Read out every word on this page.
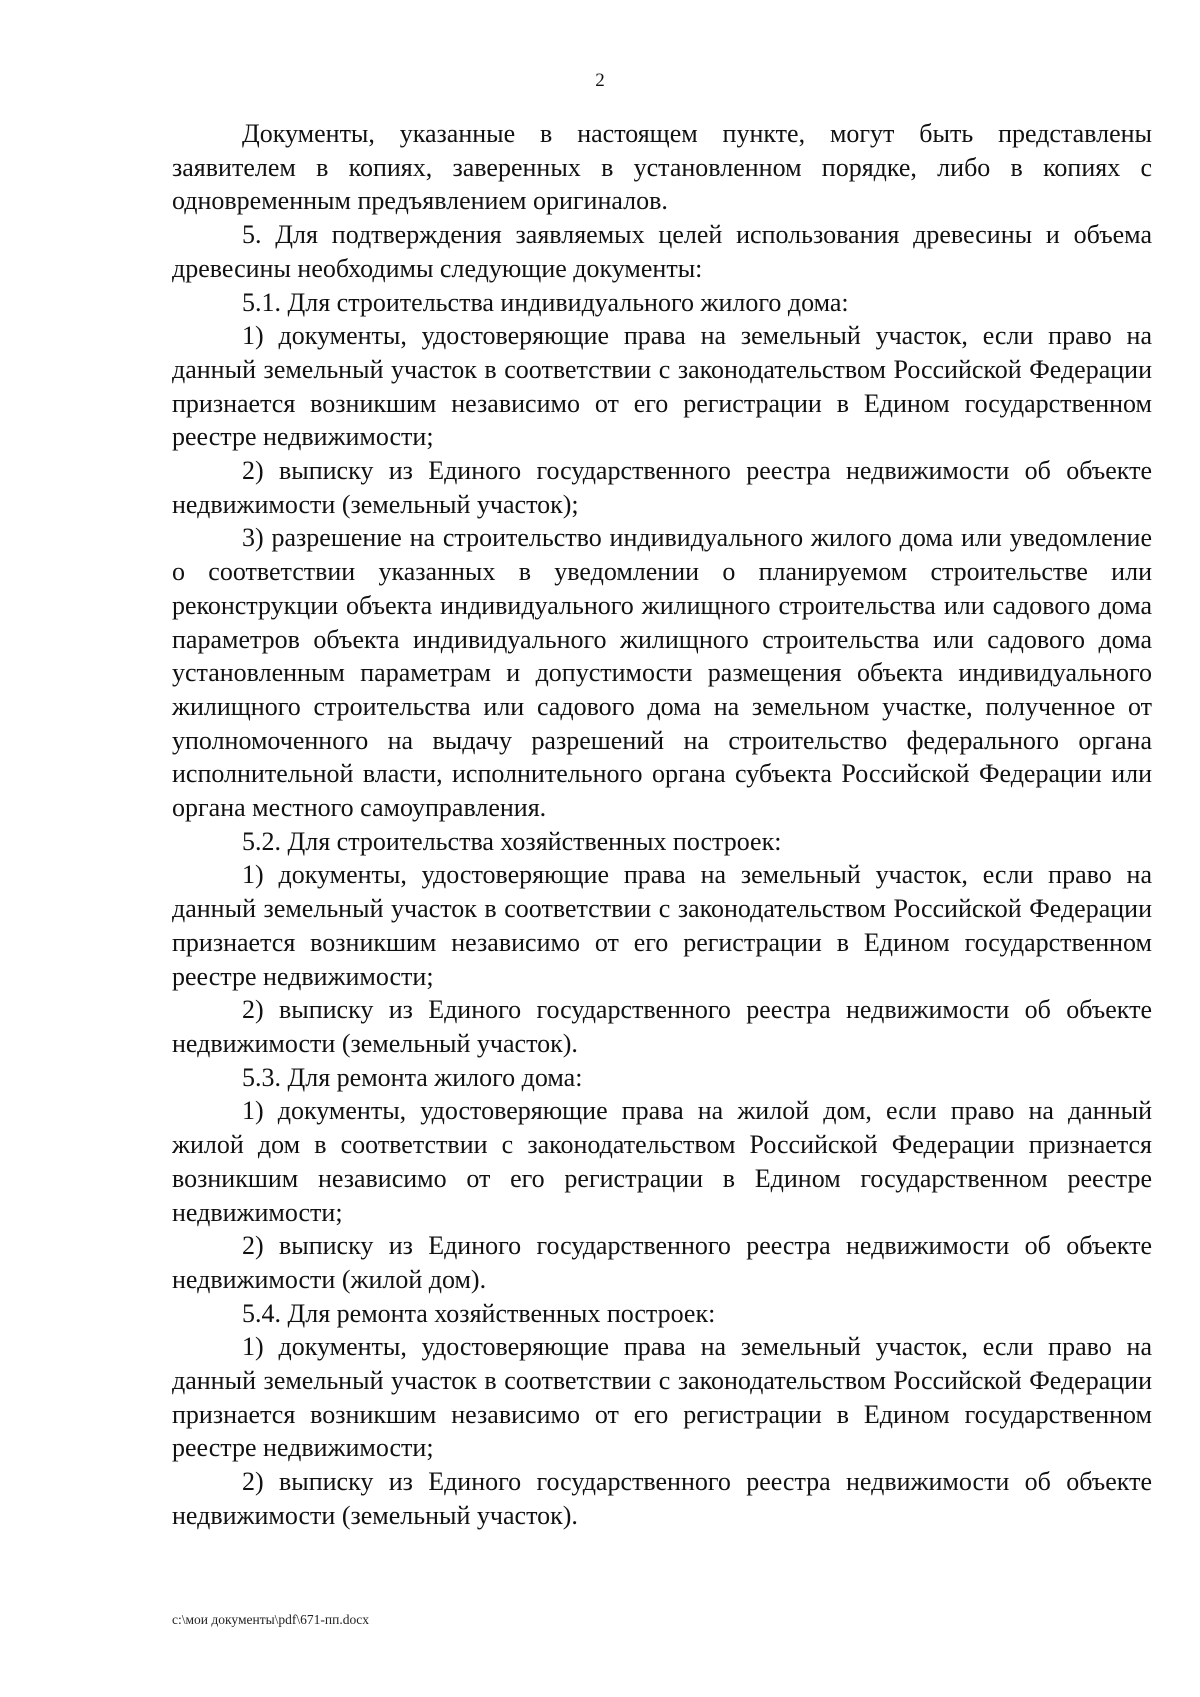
2

Документы, указанные в настоящем пункте, могут быть представлены заявителем в копиях, заверенных в установленном порядке, либо в копиях с одновременным предъявлением оригиналов.

5. Для подтверждения заявляемых целей использования древесины и объема древесины необходимы следующие документы:

5.1. Для строительства индивидуального жилого дома:

1) документы, удостоверяющие права на земельный участок, если право на данный земельный участок в соответствии с законодательством Российской Федерации признается возникшим независимо от его регистрации в Едином государственном реестре недвижимости;

2) выписку из Единого государственного реестра недвижимости об объекте недвижимости (земельный участок);

3) разрешение на строительство индивидуального жилого дома или уведомление о соответствии указанных в уведомлении о планируемом строительстве или реконструкции объекта индивидуального жилищного строительства или садового дома параметров объекта индивидуального жилищного строительства или садового дома установленным параметрам и допустимости размещения объекта индивидуального жилищного строительства или садового дома на земельном участке, полученное от уполномоченного на выдачу разрешений на строительство федерального органа исполнительной власти, исполнительного органа субъекта Российской Федерации или органа местного самоуправления.

5.2. Для строительства хозяйственных построек:

1) документы, удостоверяющие права на земельный участок, если право на данный земельный участок в соответствии с законодательством Российской Федерации признается возникшим независимо от его регистрации в Едином государственном реестре недвижимости;

2) выписку из Единого государственного реестра недвижимости об объекте недвижимости (земельный участок).

5.3. Для ремонта жилого дома:

1) документы, удостоверяющие права на жилой дом, если право на данный жилой дом в соответствии с законодательством Российской Федерации признается возникшим независимо от его регистрации в Едином государственном реестре недвижимости;

2) выписку из Единого государственного реестра недвижимости об объекте недвижимости (жилой дом).

5.4. Для ремонта хозяйственных построек:

1) документы, удостоверяющие права на земельный участок, если право на данный земельный участок в соответствии с законодательством Российской Федерации признается возникшим независимо от его регистрации в Едином государственном реестре недвижимости;

2) выписку из Единого государственного реестра недвижимости об объекте недвижимости (земельный участок).

c:\мои документы\pdf\671-пп.docx
